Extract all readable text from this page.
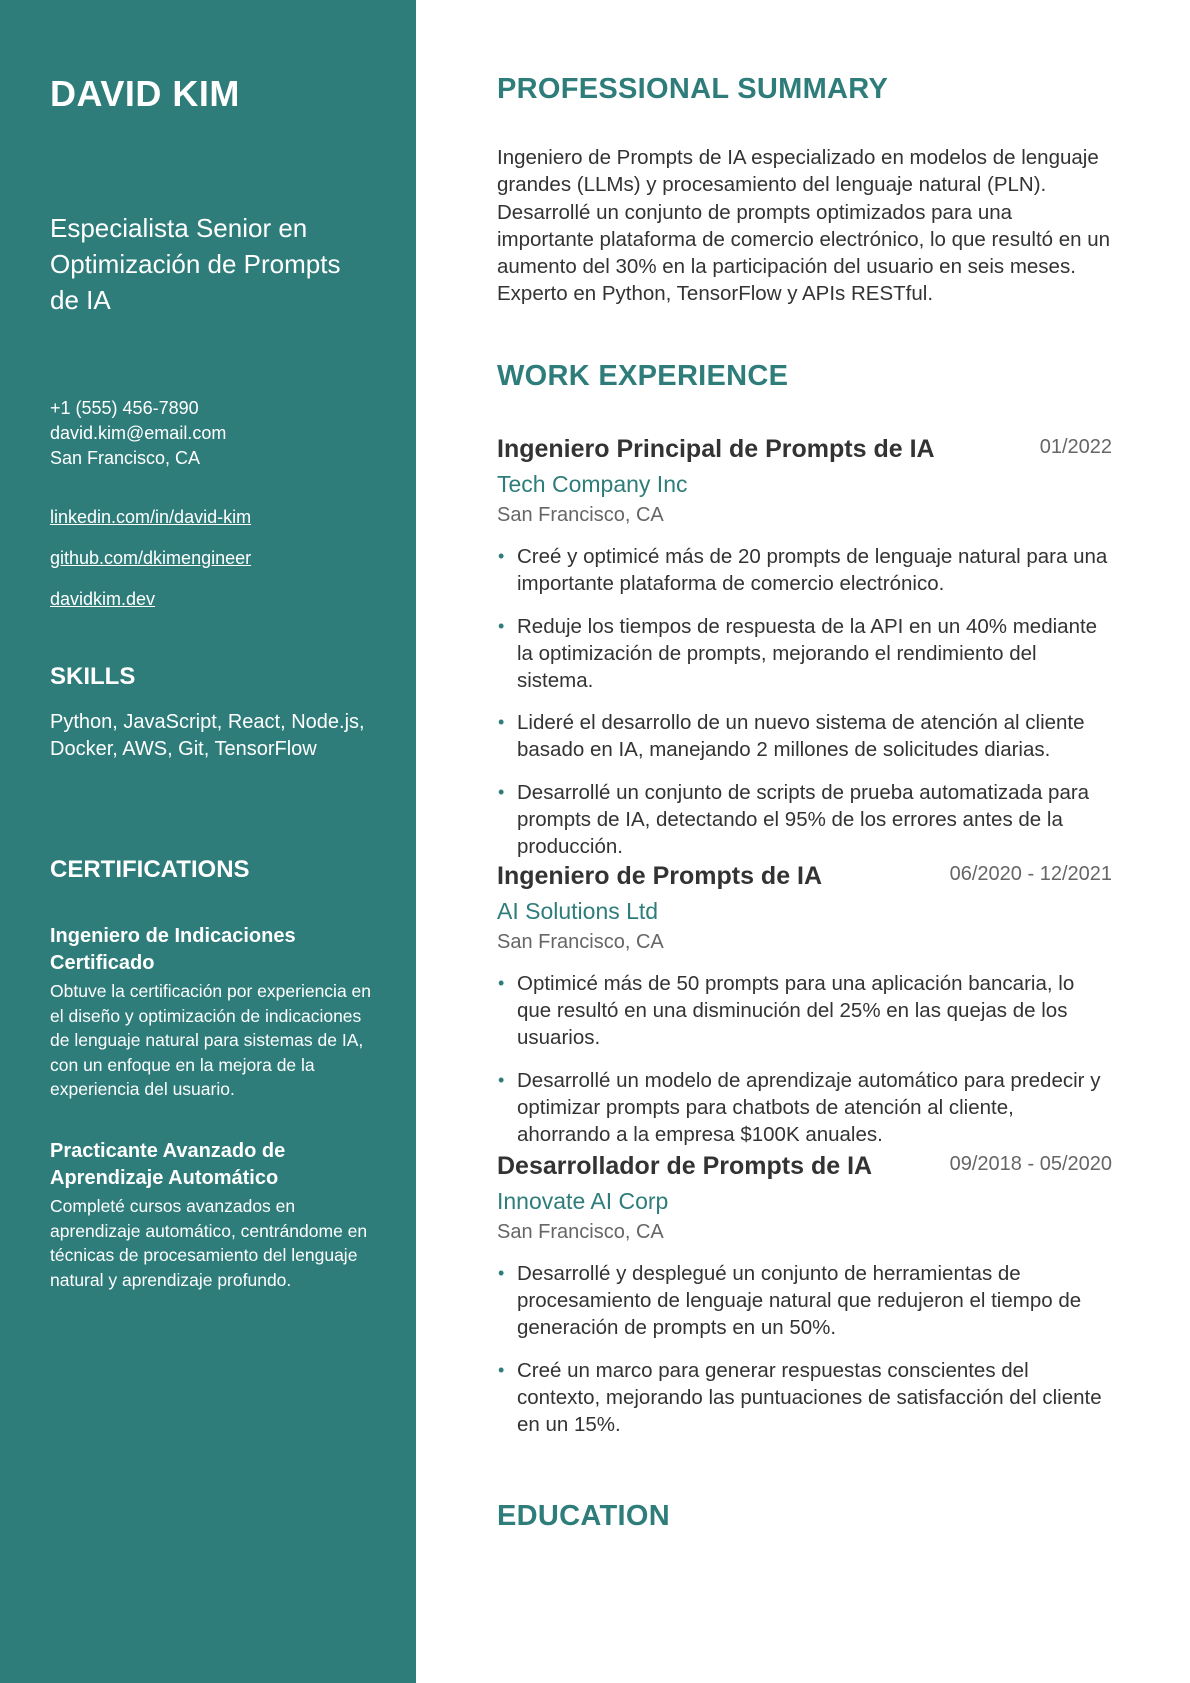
DAVID KIM
Especialista Senior en Optimización de Prompts de IA
+1 (555) 456-7890
david.kim@email.com
San Francisco, CA
linkedin.com/in/david-kim
github.com/dkimengineer
davidkim.dev
SKILLS
Python, JavaScript, React, Node.js, Docker, AWS, Git, TensorFlow
CERTIFICATIONS
Ingeniero de Indicaciones Certificado
Obtuve la certificación por experiencia en el diseño y optimización de indicaciones de lenguaje natural para sistemas de IA, con un enfoque en la mejora de la experiencia del usuario.
Practicante Avanzado de Aprendizaje Automático
Completé cursos avanzados en aprendizaje automático, centrándome en técnicas de procesamiento del lenguaje natural y aprendizaje profundo.
PROFESSIONAL SUMMARY
Ingeniero de Prompts de IA especializado en modelos de lenguaje grandes (LLMs) y procesamiento del lenguaje natural (PLN). Desarrollé un conjunto de prompts optimizados para una importante plataforma de comercio electrónico, lo que resultó en un aumento del 30% en la participación del usuario en seis meses. Experto en Python, TensorFlow y APIs RESTful.
WORK EXPERIENCE
Ingeniero Principal de Prompts de IA	01/2022
Tech Company Inc
San Francisco, CA
• Creé y optimicé más de 20 prompts de lenguaje natural para una importante plataforma de comercio electrónico.
• Reduje los tiempos de respuesta de la API en un 40% mediante la optimización de prompts, mejorando el rendimiento del sistema.
• Lideré el desarrollo de un nuevo sistema de atención al cliente basado en IA, manejando 2 millones de solicitudes diarias.
• Desarrollé un conjunto de scripts de prueba automatizada para prompts de IA, detectando el 95% de los errores antes de la producción.
Ingeniero de Prompts de IA	06/2020 - 12/2021
AI Solutions Ltd
San Francisco, CA
• Optimicé más de 50 prompts para una aplicación bancaria, lo que resultó en una disminución del 25% en las quejas de los usuarios.
• Desarrollé un modelo de aprendizaje automático para predecir y optimizar prompts para chatbots de atención al cliente, ahorrando a la empresa $100K anuales.
Desarrollador de Prompts de IA	09/2018 - 05/2020
Innovate AI Corp
San Francisco, CA
• Desarrollé y desplegué un conjunto de herramientas de procesamiento de lenguaje natural que redujeron el tiempo de generación de prompts en un 50%.
• Creé un marco para generar respuestas conscientes del contexto, mejorando las puntuaciones de satisfacción del cliente en un 15%.
EDUCATION
